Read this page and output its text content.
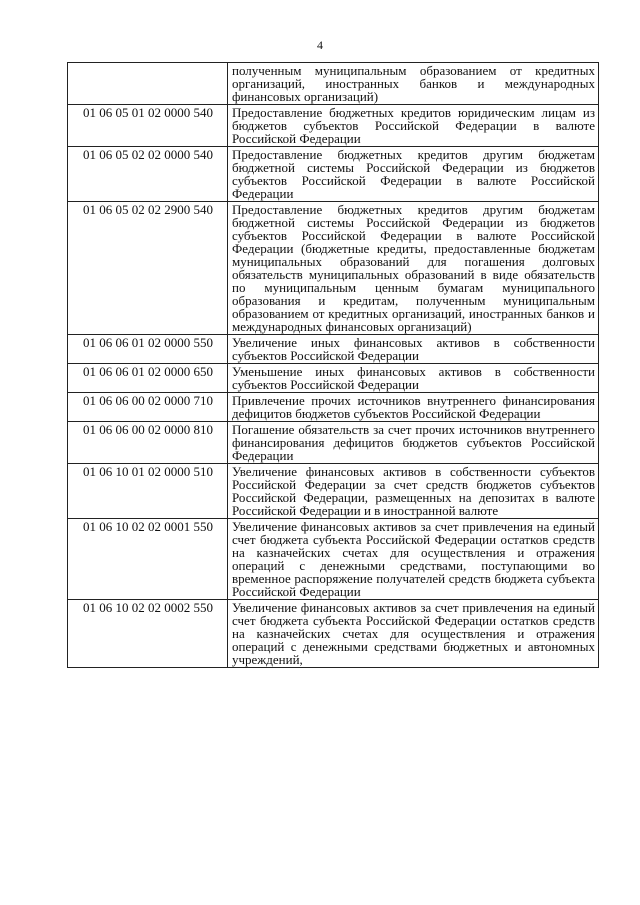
4
	полученным муниципальным образованием от кредитных организаций, иностранных банков и международных финансовых организаций)
01 06 05 01 02 0000 540	Предоставление бюджетных кредитов юридическим лицам из бюджетов субъектов Российской Федерации в валюте Российской Федерации
01 06 05 02 02 0000 540	Предоставление бюджетных кредитов другим бюджетам бюджетной системы Российской Федерации из бюджетов субъектов Российской Федерации в валюте Российской Федерации
01 06 05 02 02 2900 540	Предоставление бюджетных кредитов другим бюджетам бюджетной системы Российской Федерации из бюджетов субъектов Российской Федерации в валюте Российской Федерации (бюджетные кредиты, предоставленные бюджетам муниципальных образований для погашения долговых обязательств муниципальных образований в виде обязательств по муниципальным ценным бумагам муниципального образования и кредитам, полученным муниципальным образованием от кредитных организаций, иностранных банков и международных финансовых организаций)
01 06 06 01 02 0000 550	Увеличение иных финансовых активов в собственности субъектов Российской Федерации
01 06 06 01 02 0000 650	Уменьшение иных финансовых активов в собственности субъектов Российской Федерации
01 06 06 00 02 0000 710	Привлечение прочих источников внутреннего финансирования дефицитов бюджетов субъектов Российской Федерации
01 06 06 00 02 0000 810	Погашение обязательств за счет прочих источников внутреннего финансирования дефицитов бюджетов субъектов Российской Федерации
01 06 10 01 02 0000 510	Увеличение финансовых активов в собственности субъектов Российской Федерации за счет средств бюджетов субъектов Российской Федерации, размещенных на депозитах в валюте Российской Федерации и в иностранной валюте
01 06 10 02 02 0001 550	Увеличение финансовых активов за счет привлечения на единый счет бюджета субъекта Российской Федерации остатков средств на казначейских счетах для осуществления и отражения операций с денежными средствами, поступающими во временное распоряжение получателей средств бюджета субъекта Российской Федерации
01 06 10 02 02 0002 550	Увеличение финансовых активов за счет привлечения на единый счет бюджета субъекта Российской Федерации остатков средств на казначейских счетах для осуществления и отражения операций с денежными средствами бюджетных и автономных учреждений,
